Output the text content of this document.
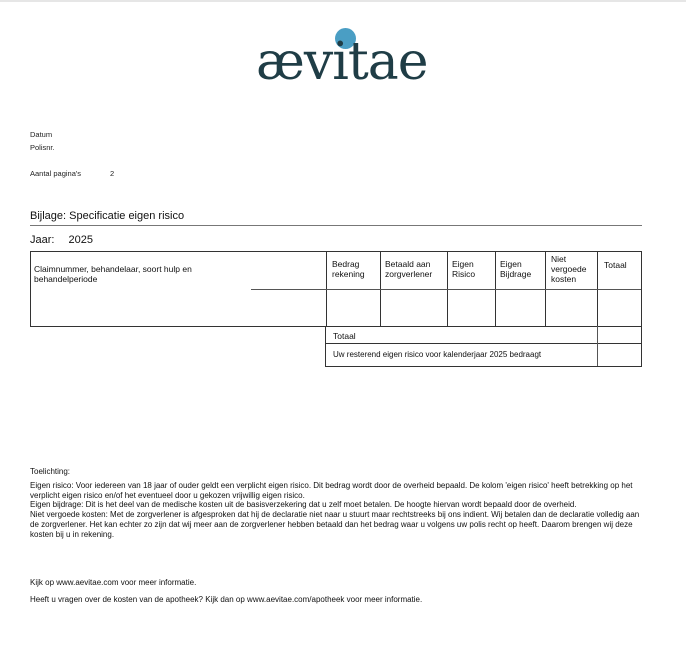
ævitae
Datum
Polisnr.
Aantal pagina's	2
Bijlage: Specificatie eigen risico
Jaar: 2025
Claimnummer, behandelaar, soort hulp en behandelperiode
Bedrag rekening
Betaald aan zorgverlener
Eigen Risico
Eigen Bijdrage
Niet vergoede kosten
Totaal
Totaal
Uw resterend eigen risico voor kalenderjaar 2025 bedraagt

Toelichting:

Eigen risico: Voor iedereen van 18 jaar of ouder geldt een verplicht eigen risico. Dit bedrag wordt door de overheid bepaald. De kolom 'eigen risico' heeft betrekking op het verplicht eigen risico en/of het eventueel door u gekozen vrijwillig eigen risico.

Eigen bijdrage: Dit is het deel van de medische kosten uit de basisverzekering dat u zelf moet betalen. De hoogte hiervan wordt bepaald door de overheid.

Niet vergoede kosten: Met de zorgverlener is afgesproken dat hij de declaratie niet naar u stuurt maar rechtstreeks bij ons indient. Wij betalen dan de declaratie volledig aan de zorgverlener. Het kan echter zo zijn dat wij meer aan de zorgverlener hebben betaald dan het bedrag waar u volgens uw polis recht op heeft. Daarom brengen wij deze kosten bij u in rekening.

Kijk op www.aevitae.com voor meer informatie.

Heeft u vragen over de kosten van de apotheek? Kijk dan op www.aevitae.com/apotheek voor meer informatie.
